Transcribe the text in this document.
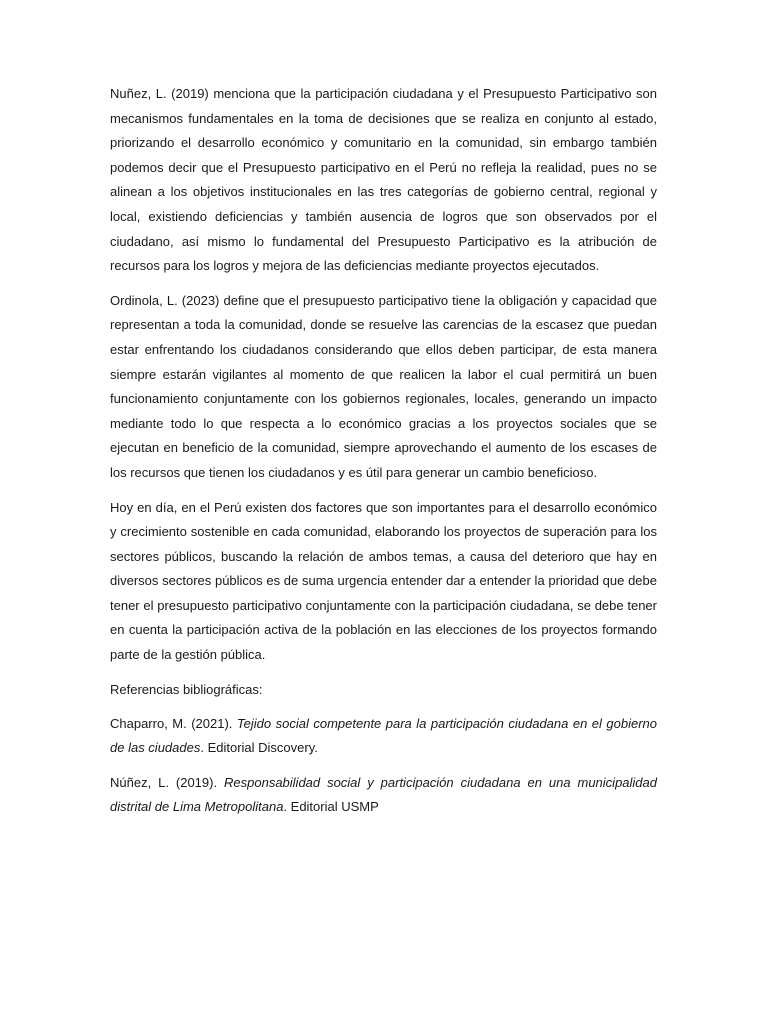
Nuñez, L. (2019) menciona que la participación ciudadana y el Presupuesto Participativo son mecanismos fundamentales en la toma de decisiones que se realiza en conjunto al estado, priorizando el desarrollo económico y comunitario en la comunidad, sin embargo también podemos decir que el Presupuesto participativo en el Perú no refleja la realidad, pues no se alinean a los objetivos institucionales en las tres categorías de gobierno central, regional y local, existiendo deficiencias y también ausencia de logros que son observados por el ciudadano, así mismo lo fundamental del Presupuesto Participativo es la atribución de recursos para los logros y mejora de las deficiencias mediante proyectos ejecutados.

Ordinola, L. (2023) define que el presupuesto participativo tiene la obligación y capacidad que representan a toda la comunidad, donde se resuelve las carencias de la escasez que puedan estar enfrentando los ciudadanos considerando que ellos deben participar, de esta manera siempre estarán vigilantes al momento de que realicen la labor el cual permitirá un buen funcionamiento conjuntamente con los gobiernos regionales, locales, generando un impacto mediante todo lo que respecta a lo económico gracias a los proyectos sociales que se ejecutan en beneficio de la comunidad, siempre aprovechando el aumento de los escases de los recursos que tienen los ciudadanos y es útil para generar un cambio beneficioso.

Hoy en día, en el Perú existen dos factores que son importantes para el desarrollo económico y crecimiento sostenible en cada comunidad, elaborando los proyectos de superación para los sectores públicos, buscando la relación de ambos temas, a causa del deterioro que hay en diversos sectores públicos es de suma urgencia entender dar a entender la prioridad que debe tener el presupuesto participativo conjuntamente con la participación ciudadana, se debe tener en cuenta la participación activa de la población en las elecciones de los proyectos formando parte de la gestión pública.

Referencias bibliográficas:

Chaparro, M. (2021). Tejido social competente para la participación ciudadana en el gobierno de las ciudades. Editorial Discovery.

Núñez, L. (2019). Responsabilidad social y participación ciudadana en una municipalidad distrital de Lima Metropolitana. Editorial USMP
